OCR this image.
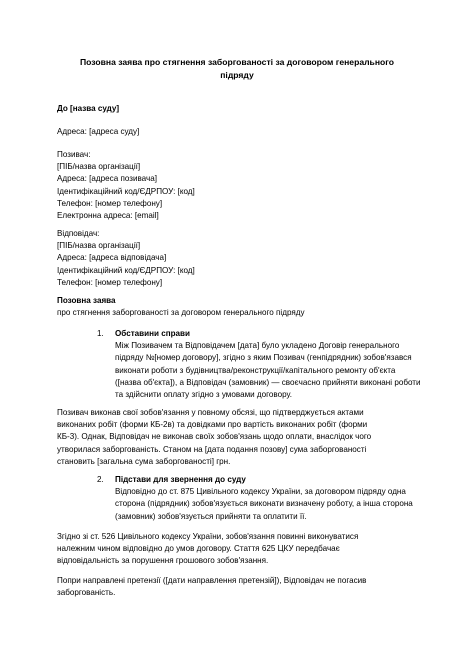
Позовна заява про стягнення заборгованості за договором генерального
підряду
До [назва суду]
Адреса: [адреса суду]
Позивач:
[ПІБ/назва організації]
Адреса: [адреса позивача]
Ідентифікаційний код/ЄДРПОУ: [код]
Телефон: [номер телефону]
Електронна адреса: [email]
Відповідач:
[ПІБ/назва організації]
Адреса: [адреса відповідача]
Ідентифікаційний код/ЄДРПОУ: [код]
Телефон: [номер телефону]
Позовна заява
про стягнення заборгованості за договором генерального підряду
1. Обставини справи
Між Позивачем та Відповідачем [дата] було укладено Договір генерального
підряду №[номер договору], згідно з яким Позивач (генпідрядник) зобов'язався
виконати роботи з будівництва/реконструкції/капітального ремонту об'єкта
([назва об'єкта]), а Відповідач (замовник) — своєчасно прийняти виконані роботи
та здійснити оплату згідно з умовами договору.
Позивач виконав свої зобов'язання у повному обсязі, що підтверджується актами
виконаних робіт (форми КБ-2в) та довідками про вартість виконаних робіт (форми
КБ-3). Однак, Відповідач не виконав своїх зобов'язань щодо оплати, внаслідок чого
утворилася заборгованість. Станом на [дата подання позову] сума заборгованості
становить [загальна сума заборгованості] грн.
2. Підстави для звернення до суду
Відповідно до ст. 875 Цивільного кодексу України, за договором підряду одна
сторона (підрядник) зобов'язується виконати визначену роботу, а інша сторона
(замовник) зобов'язується прийняти та оплатити її.
Згідно зі ст. 526 Цивільного кодексу України, зобов'язання повинні виконуватися
належним чином відповідно до умов договору. Стаття 625 ЦКУ передбачає
відповідальність за порушення грошового зобов'язання.
Попри направлені претензії ([дати направлення претензій]), Відповідач не погасив
заборгованість.
